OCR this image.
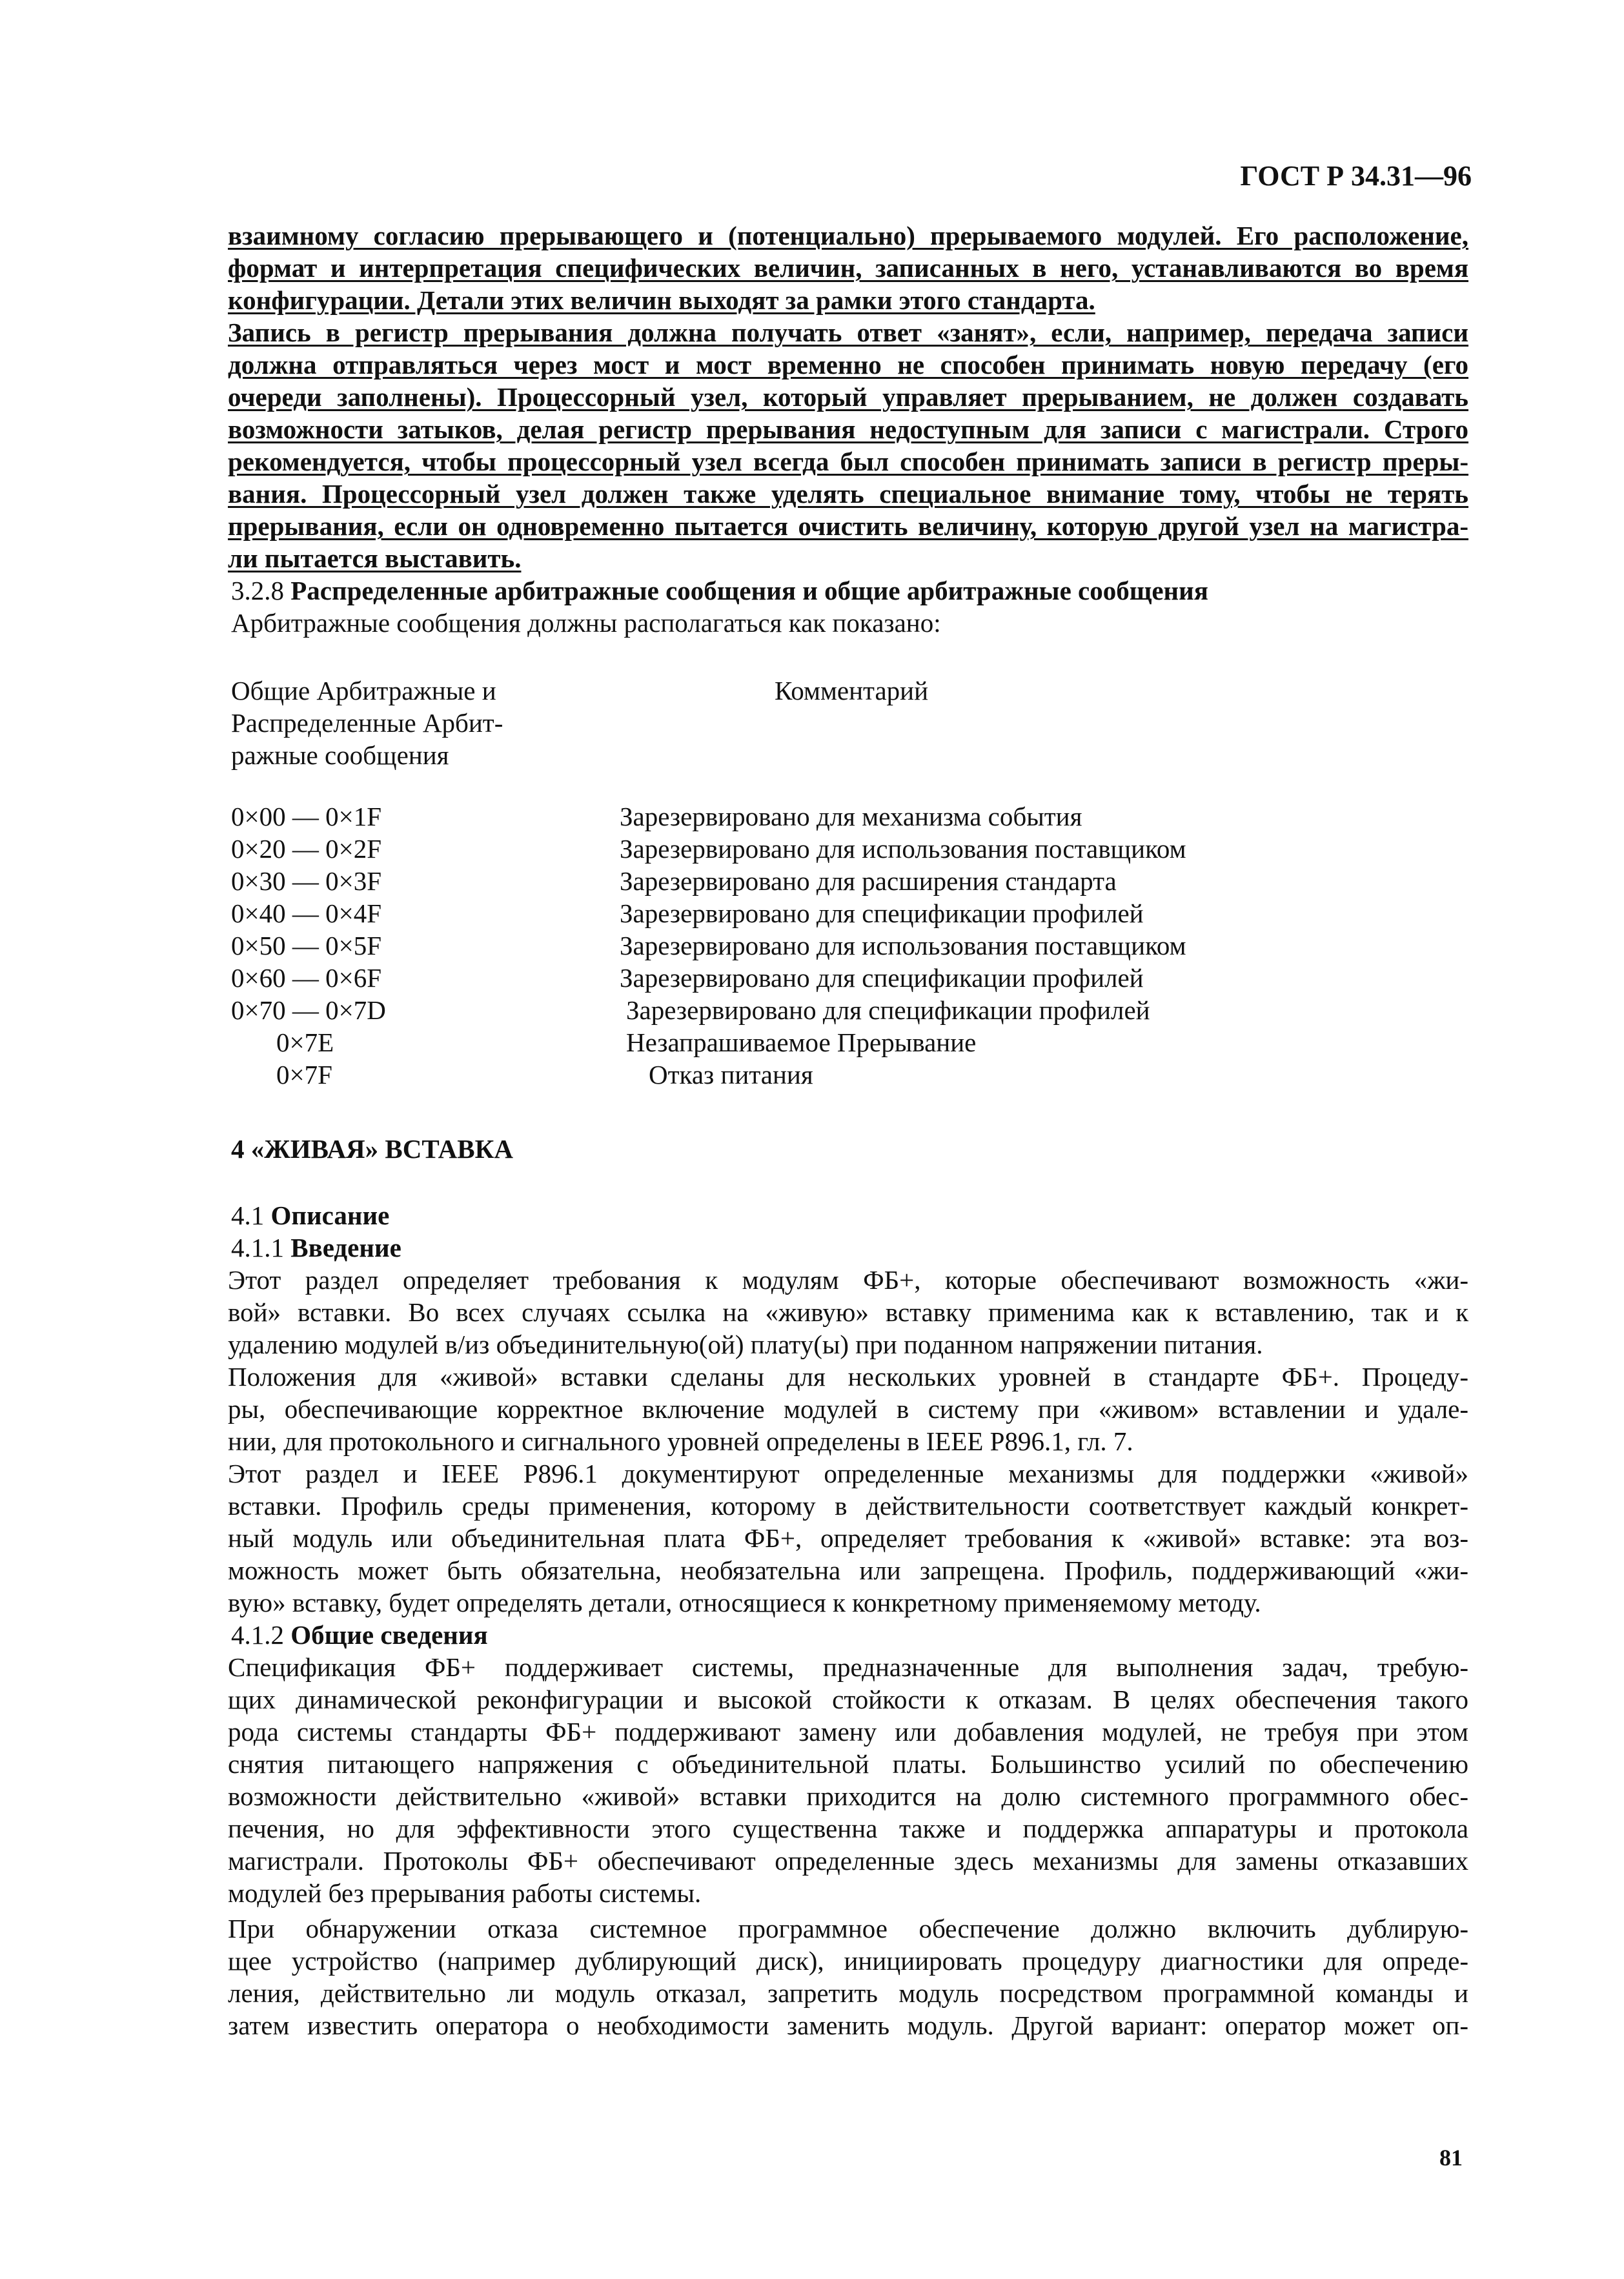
ГОСТ Р 34.31—96
взаимному согласию прерывающего и (потенциально) прерываемого модулей. Его расположение,
формат и интерпретация специфических величин, записанных в него, устанавливаются во время
конфигурации. Детали этих величин выходят за рамки этого стандарта.
Запись в регистр прерывания должна получать ответ «занят», если, например, передача записи
должна отправляться через мост и мост временно не способен принимать новую передачу (его
очереди заполнены). Процессорный узел, который управляет прерыванием, не должен создавать
возможности затыков, делая регистр прерывания недоступным для записи с магистрали. Строго
рекомендуется, чтобы процессорный узел всегда был способен принимать записи в регистр преры-
вания. Процессорный узел должен также уделять специальное внимание тому, чтобы не терять
прерывания, если он одновременно пытается очистить величину, которую другой узел на магистра-
ли пытается выставить.
3.2.8 Распределенные арбитражные сообщения и общие арбитражные сообщения
Арбитражные сообщения должны располагаться как показано:
Общие Арбитражные и
Распределенные Арбит-
ражные сообщения
Комментарий
0×00 — 0×1F	Зарезервировано для механизма события
0×20 — 0×2F	Зарезервировано для использования поставщиком
0×30 — 0×3F	Зарезервировано для расширения стандарта
0×40 — 0×4F	Зарезервировано для спецификации профилей
0×50 — 0×5F	Зарезервировано для использования поставщиком
0×60 — 0×6F	Зарезервировано для спецификации профилей
0×70 — 0×7D	Зарезервировано для спецификации профилей
0×7E	Незапрашиваемое Прерывание
0×7F	Отказ питания
4 «ЖИВАЯ» ВСТАВКА
4.1 Описание
4.1.1 Введение
Этот раздел определяет требования к модулям ФБ+, которые обеспечивают возможность «жи-
вой» вставки. Во всех случаях ссылка на «живую» вставку применима как к вставлению, так и к
удалению модулей в/из объединительную(ой) плату(ы) при поданном напряжении питания.
Положения для «живой» вставки сделаны для нескольких уровней в стандарте ФБ+. Процеду-
ры, обеспечивающие корректное включение модулей в систему при «живом» вставлении и удале-
нии, для протокольного и сигнального уровней определены в IEEE P896.1, гл. 7.
Этот раздел и IEEE P896.1 документируют определенные механизмы для поддержки «живой»
вставки. Профиль среды применения, которому в действительности соответствует каждый конкрет-
ный модуль или объединительная плата ФБ+, определяет требования к «живой» вставке: эта воз-
можность может быть обязательна, необязательна или запрещена. Профиль, поддерживающий «жи-
вую» вставку, будет определять детали, относящиеся к конкретному применяемому методу.
4.1.2 Общие сведения
Спецификация ФБ+ поддерживает системы, предназначенные для выполнения задач, требую-
щих динамической реконфигурации и высокой стойкости к отказам. В целях обеспечения такого
рода системы стандарты ФБ+ поддерживают замену или добавления модулей, не требуя при этом
снятия питающего напряжения с объединительной платы. Большинство усилий по обеспечению
возможности действительно «живой» вставки приходится на долю системного программного обес-
печения, но для эффективности этого существенна также и поддержка аппаратуры и протокола
магистрали. Протоколы ФБ+ обеспечивают определенные здесь механизмы для замены отказавших
модулей без прерывания работы системы.
При обнаружении отказа системное программное обеспечение должно включить дублирую-
щее устройство (например дублирующий диск), инициировать процедуру диагностики для опреде-
ления, действительно ли модуль отказал, запретить модуль посредством программной команды и
затем известить оператора о необходимости заменить модуль. Другой вариант: оператор может оп-
81
